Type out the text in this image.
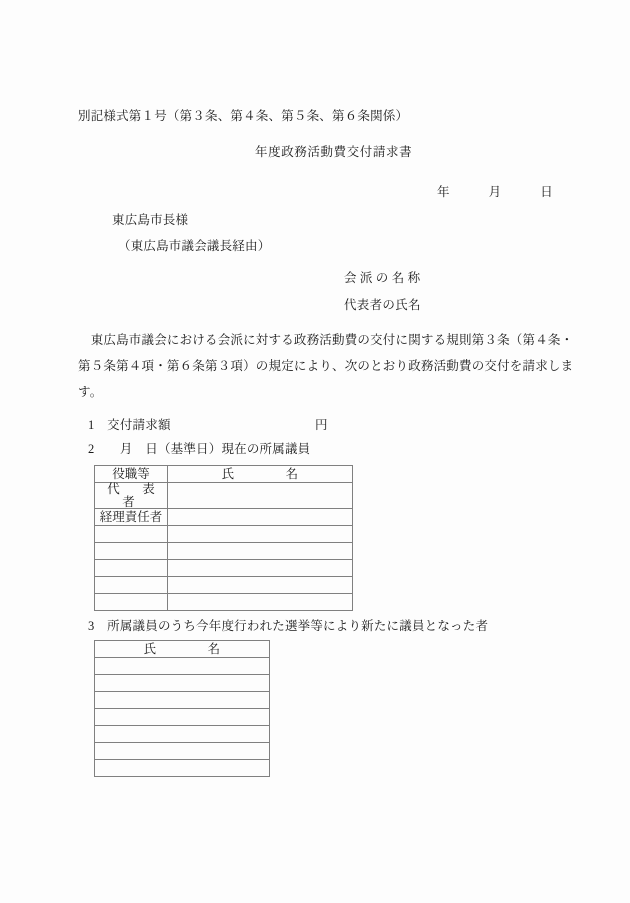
別記様式第１号（第３条、第４条、第５条、第６条関係）
年度政務活動費交付請求書
年　　　月　　　日
東広島市長様
（東広島市議会議長経由）
会派の名称
代表者の氏名
　東広島市議会における会派に対する政務活動費の交付に関する規則第３条（第４条・
第５条第４項・第６条第３項）の規定により、次のとおり政務活動費の交付を請求しま
す。
1　 交付請求額	円
2　　 月　日（基準日）現在の所属議員
役職等	氏　　　　名
代　表　者	
経理責任者	

3　 所属議員のうち今年度行われた選挙等により新たに議員となった者
氏　　　　名
